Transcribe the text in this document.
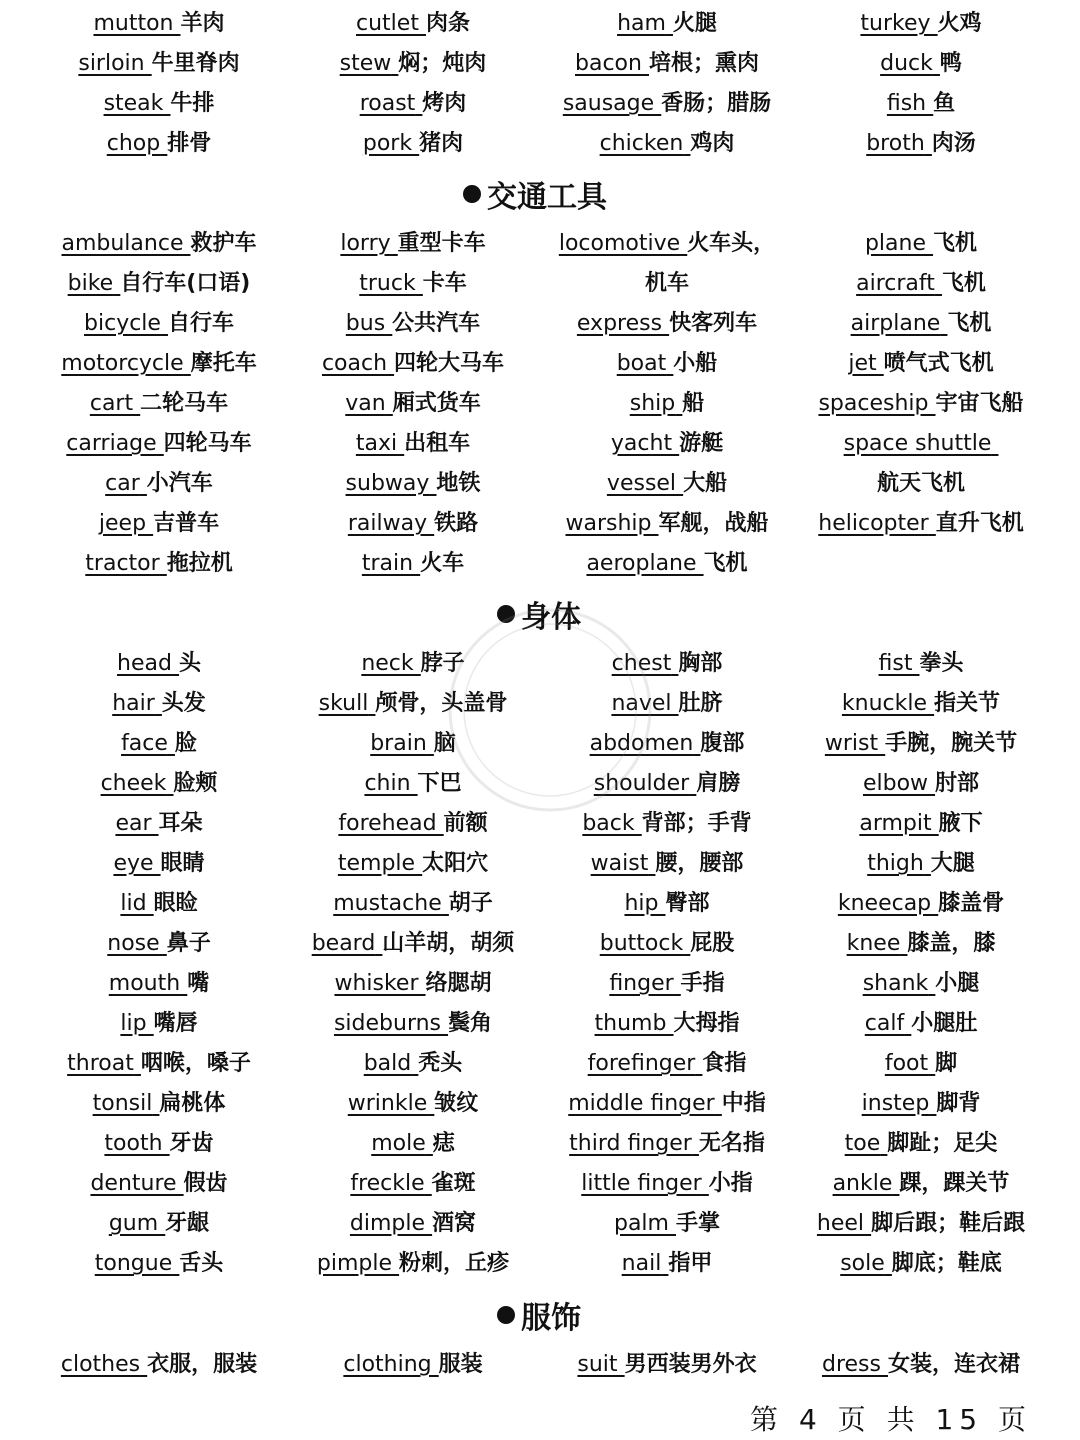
mutton 羊肉	cutlet 肉条	ham 火腿	turkey 火鸡
sirloin 牛里脊肉	stew 焖；炖肉	bacon 培根；熏肉	duck 鸭
steak 牛排	roast 烤肉	sausage 香肠；腊肠	fish 鱼
chop 排骨	pork 猪肉	chicken 鸡肉	broth 肉汤
交通工具
ambulance 救护车	lorry 重型卡车	locomotive 火车头，	plane 飞机
bike 自行车(口语)	truck 卡车	机车	aircraft 飞机
bicycle 自行车	bus 公共汽车	express 快客列车	airplane 飞机
motorcycle 摩托车	coach 四轮大马车	boat 小船	jet 喷气式飞机
cart 二轮马车	van 厢式货车	ship 船	spaceship 宇宙飞船
carriage 四轮马车	taxi 出租车	yacht 游艇	space shuttle
car 小汽车	subway 地铁	vessel 大船	航天飞机
jeep 吉普车	railway 铁路	warship 军舰，战船 helicopter 直升飞机
tractor 拖拉机	train 火车	aeroplane 飞机
身体
head 头	neck 脖子	chest 胸部	fist 拳头
hair 头发	skull 颅骨，头盖骨	navel 肚脐	knuckle 指关节
face 脸	brain 脑	abdomen 腹部	wrist 手腕，腕关节
cheek 脸颊	chin 下巴	shoulder 肩膀	elbow 肘部
ear 耳朵	forehead 前额	back 背部；手背	armpit 腋下
eye 眼睛	temple 太阳穴	waist 腰，腰部	thigh 大腿
lid 眼睑	mustache 胡子	hip 臀部	kneecap 膝盖骨
nose 鼻子	beard 山羊胡，胡须	buttock 屁股	knee 膝盖，膝
mouth 嘴	whisker 络腮胡	finger 手指	shank 小腿
lip 嘴唇	sideburns 鬓角	thumb 大拇指	calf 小腿肚
throat 咽喉，嗓子	bald 秃头	forefinger 食指	foot 脚
tonsil 扁桃体	wrinkle 皱纹	middle finger 中指	instep 脚背
tooth 牙齿	mole 痣	third finger 无名指	toe 脚趾；足尖
denture 假齿	freckle 雀斑	little finger 小指	ankle 踝，踝关节
gum 牙龈	dimple 酒窝	palm 手掌	heel 脚后跟；鞋后跟
tongue 舌头	pimple 粉刺，丘疹	nail 指甲	sole 脚底；鞋底
服饰
clothes 衣服，服装	clothing 服装	suit 男西装男外衣	dress 女装，连衣裙
第 4 页 共 15 页
